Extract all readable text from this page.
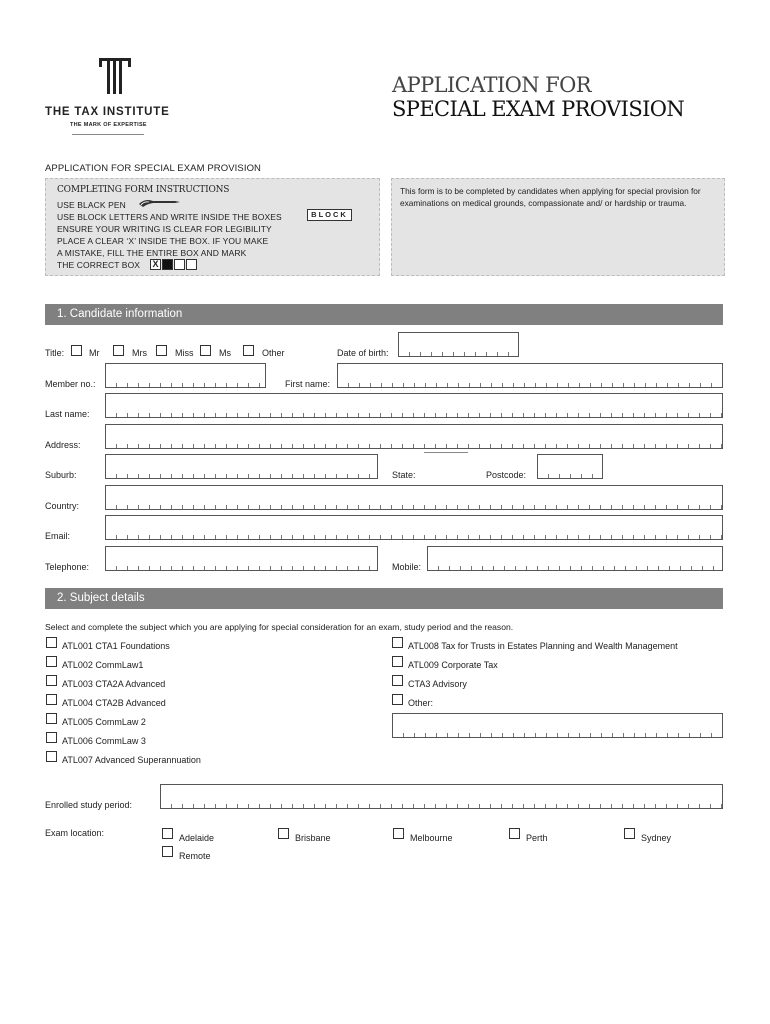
THE TAX INSTITUTE
THE MARK OF EXPERTISE
APPLICATION FOR
SPECIAL EXAM PROVISION
APPLICATION FOR SPECIAL EXAM PROVISION
COMPLETING FORM INSTRUCTIONS
USE BLACK PEN
USE BLOCK LETTERS AND WRITE INSIDE THE BOXES	BLOCK
ENSURE YOUR WRITING IS CLEAR FOR LEGIBILITY
PLACE A CLEAR ‘X’ INSIDE THE BOX. IF YOU MAKE
A MISTAKE, FILL THE ENTIRE BOX AND MARK
THE CORRECT BOX X
This form is to be completed by candidates when applying for special provision for examinations on medical grounds, compassionate and/ or hardship or trauma.
1. Candidate information
Title:	Mr	Mrs	Miss	Ms	Other	Date of birth:
Member no.:	First name:
Last name:
Address:
Suburb:	State:	Postcode:
Country:
Email:
Telephone:	Mobile:
2. Subject details
Select and complete the subject which you are applying for special consideration for an exam, study period and the reason.
ATL001 CTA1 Foundations
ATL002 CommLaw1
ATL003 CTA2A Advanced
ATL004 CTA2B Advanced
ATL005 CommLaw 2
ATL006 CommLaw 3
ATL007 Advanced Superannuation
ATL008 Tax for Trusts in Estates Planning and Wealth Management
ATL009 Corporate Tax
CTA3 Advisory
Other:
Enrolled study period:
Exam location:	Adelaide	Brisbane	Melbourne	Perth	Sydney
Remote
